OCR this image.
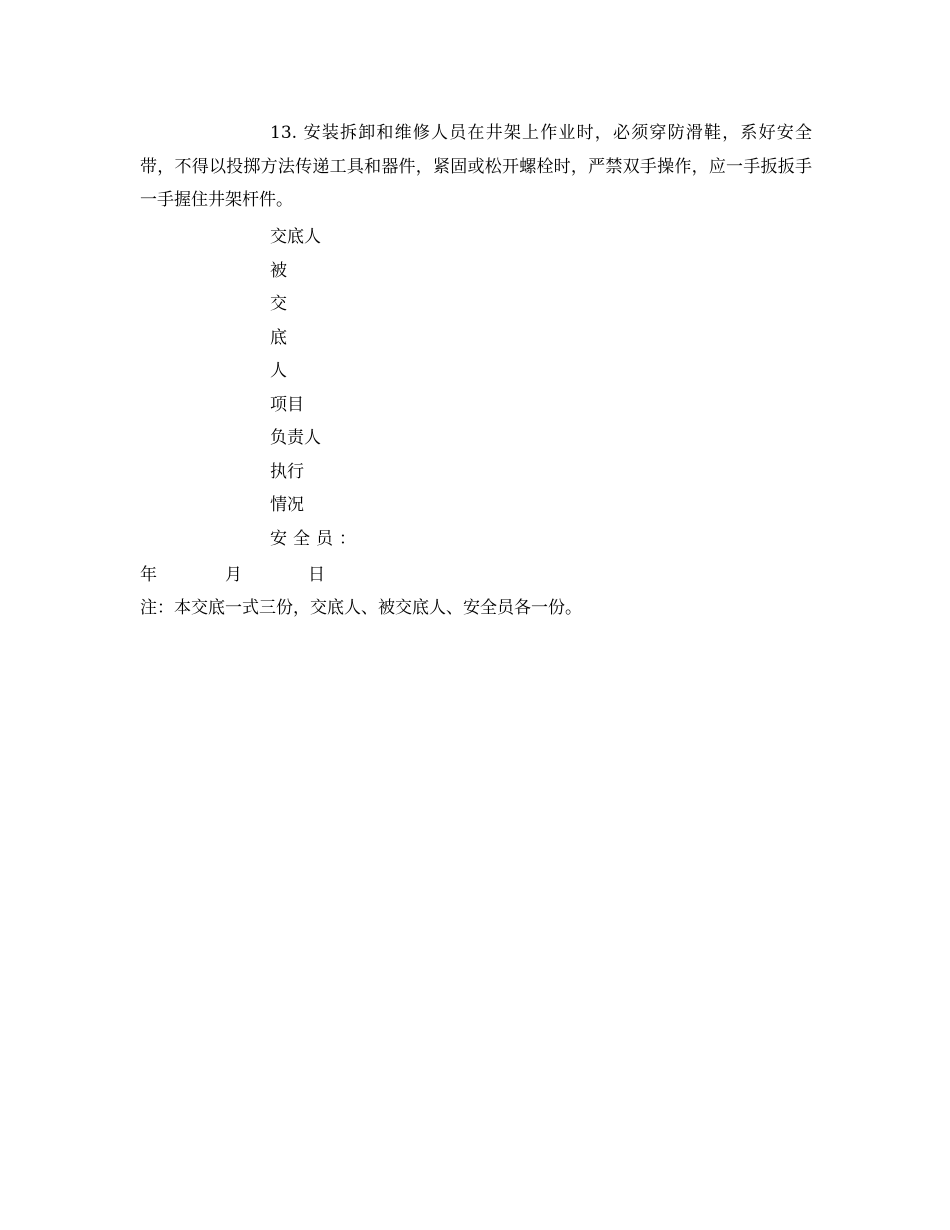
13. 安装拆卸和维修人员在井架上作业时，必须穿防滑鞋，系好安全带，不得以投掷方法传递工具和器件，紧固或松开螺栓时，严禁双手操作，应一手扳扳手一手握住井架杆件。

交底人
被
交
底
人
项目
负责人
执行
情况
安全员：
年	月	日
注：本交底一式三份，交底人、被交底人、安全员各一份。
